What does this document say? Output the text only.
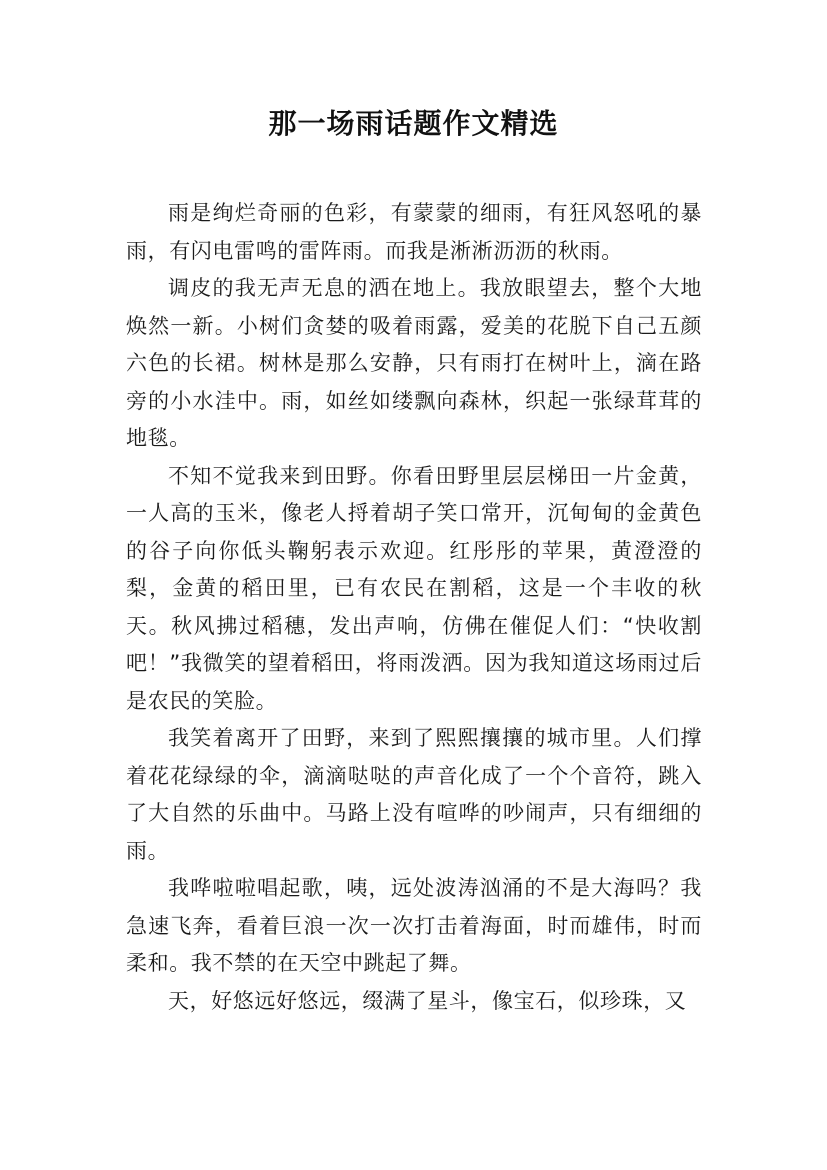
那一场雨话题作文精选

雨是绚烂奇丽的色彩，有蒙蒙的细雨，有狂风怒吼的暴雨，有闪电雷鸣的雷阵雨。而我是淅淅沥沥的秋雨。

调皮的我无声无息的洒在地上。我放眼望去，整个大地焕然一新。小树们贪婪的吸着雨露，爱美的花脱下自己五颜六色的长裙。树林是那么安静，只有雨打在树叶上，滴在路旁的小水洼中。雨，如丝如缕飘向森林，织起一张绿茸茸的地毯。

不知不觉我来到田野。你看田野里层层梯田一片金黄，一人高的玉米，像老人捋着胡子笑口常开，沉甸甸的金黄色的谷子向你低头鞠躬表示欢迎。红彤彤的苹果，黄澄澄的梨，金黄的稻田里，已有农民在割稻，这是一个丰收的秋天。秋风拂过稻穗，发出声响，仿佛在催促人们：“快收割吧！”我微笑的望着稻田，将雨泼洒。因为我知道这场雨过后是农民的笑脸。

我笑着离开了田野，来到了熙熙攘攘的城市里。人们撑着花花绿绿的伞，滴滴哒哒的声音化成了一个个音符，跳入了大自然的乐曲中。马路上没有喧哗的吵闹声，只有细细的雨。

我哗啦啦唱起歌，咦，远处波涛汹涌的不是大海吗？我急速飞奔，看着巨浪一次一次打击着海面，时而雄伟，时而柔和。我不禁的在天空中跳起了舞。

天，好悠远好悠远，缀满了星斗，像宝石，似珍珠，又
